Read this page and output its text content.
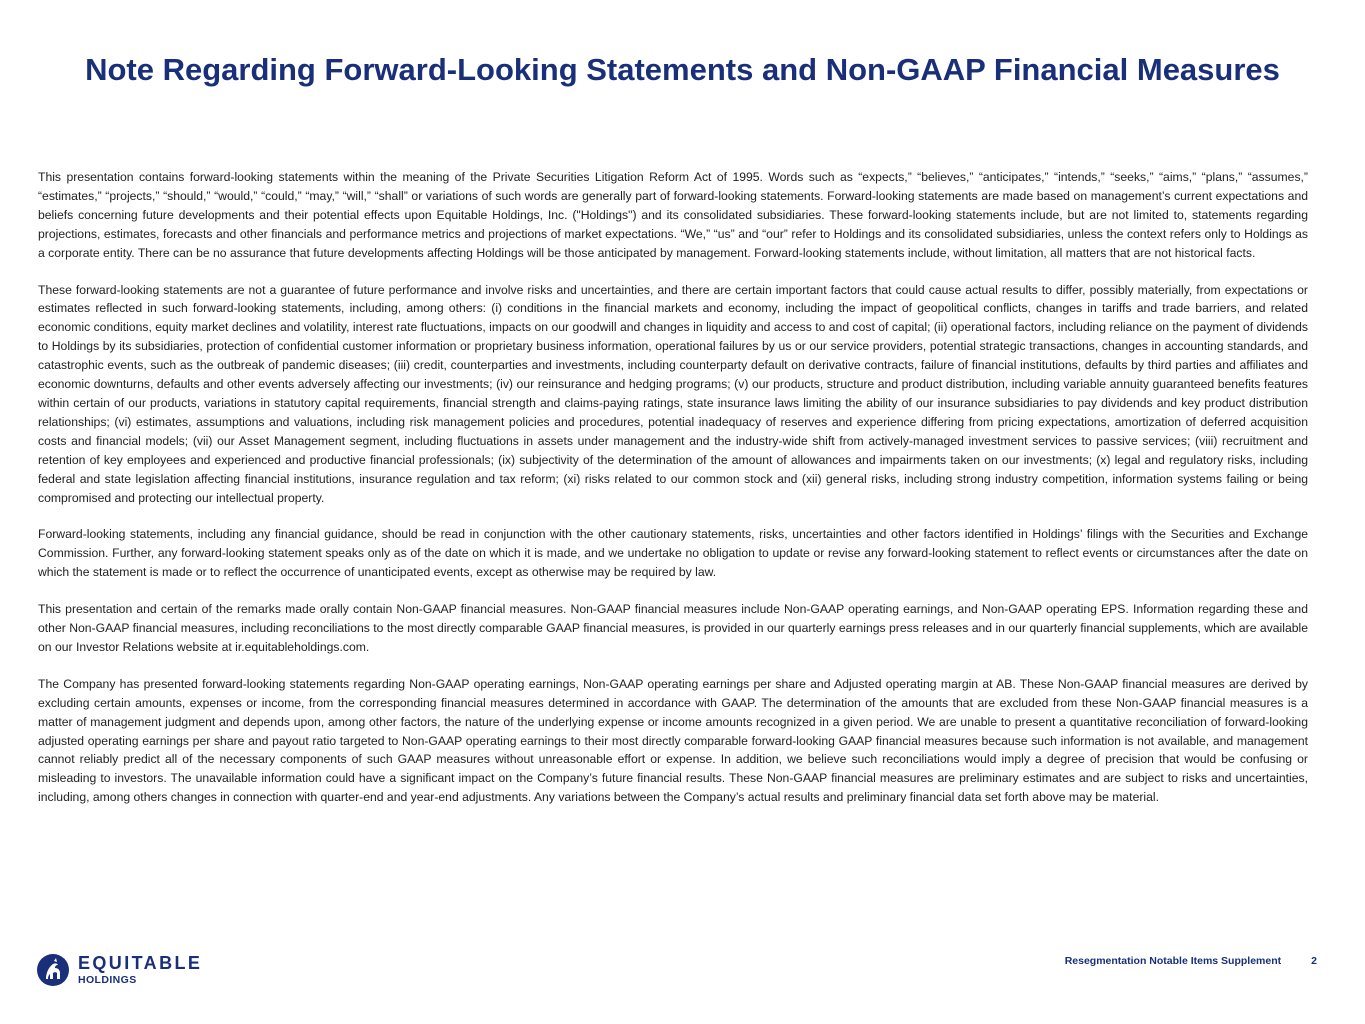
Note Regarding Forward-Looking Statements and Non-GAAP Financial Measures

This presentation contains forward-looking statements within the meaning of the Private Securities Litigation Reform Act of 1995. Words such as “expects,” “believes,” “anticipates,” “intends,” “seeks,” “aims,” “plans,” “assumes,” “estimates,” “projects,” “should,” “would,” “could,” “may,” “will,” “shall” or variations of such words are generally part of forward-looking statements. Forward-looking statements are made based on management’s current expectations and beliefs concerning future developments and their potential effects upon Equitable Holdings, Inc. ("Holdings") and its consolidated subsidiaries. These forward-looking statements include, but are not limited to, statements regarding projections, estimates, forecasts and other financials and performance metrics and projections of market expectations. “We,” “us” and “our” refer to Holdings and its consolidated subsidiaries, unless the context refers only to Holdings as a corporate entity. There can be no assurance that future developments affecting Holdings will be those anticipated by management. Forward-looking statements include, without limitation, all matters that are not historical facts.

These forward-looking statements are not a guarantee of future performance and involve risks and uncertainties, and there are certain important factors that could cause actual results to differ, possibly materially, from expectations or estimates reflected in such forward-looking statements, including, among others: (i) conditions in the financial markets and economy, including the impact of geopolitical conflicts, changes in tariffs and trade barriers, and related economic conditions, equity market declines and volatility, interest rate fluctuations, impacts on our goodwill and changes in liquidity and access to and cost of capital; (ii) operational factors, including reliance on the payment of dividends to Holdings by its subsidiaries, protection of confidential customer information or proprietary business information, operational failures by us or our service providers, potential strategic transactions, changes in accounting standards, and catastrophic events, such as the outbreak of pandemic diseases; (iii) credit, counterparties and investments, including counterparty default on derivative contracts, failure of financial institutions, defaults by third parties and affiliates and economic downturns, defaults and other events adversely affecting our investments; (iv) our reinsurance and hedging programs; (v) our products, structure and product distribution, including variable annuity guaranteed benefits features within certain of our products, variations in statutory capital requirements, financial strength and claims-paying ratings, state insurance laws limiting the ability of our insurance subsidiaries to pay dividends and key product distribution relationships; (vi) estimates, assumptions and valuations, including risk management policies and procedures, potential inadequacy of reserves and experience differing from pricing expectations, amortization of deferred acquisition costs and financial models; (vii) our Asset Management segment, including fluctuations in assets under management and the industry-wide shift from actively-managed investment services to passive services; (viii) recruitment and retention of key employees and experienced and productive financial professionals; (ix) subjectivity of the determination of the amount of allowances and impairments taken on our investments; (x) legal and regulatory risks, including federal and state legislation affecting financial institutions, insurance regulation and tax reform; (xi) risks related to our common stock and (xii) general risks, including strong industry competition, information systems failing or being compromised and protecting our intellectual property.

Forward-looking statements, including any financial guidance, should be read in conjunction with the other cautionary statements, risks, uncertainties and other factors identified in Holdings’ filings with the Securities and Exchange Commission. Further, any forward-looking statement speaks only as of the date on which it is made, and we undertake no obligation to update or revise any forward-looking statement to reflect events or circumstances after the date on which the statement is made or to reflect the occurrence of unanticipated events, except as otherwise may be required by law.

This presentation and certain of the remarks made orally contain Non-GAAP financial measures. Non-GAAP financial measures include Non-GAAP operating earnings, and Non-GAAP operating EPS. Information regarding these and other Non-GAAP financial measures, including reconciliations to the most directly comparable GAAP financial measures, is provided in our quarterly earnings press releases and in our quarterly financial supplements, which are available on our Investor Relations website at ir.equitableholdings.com.

The Company has presented forward-looking statements regarding Non-GAAP operating earnings, Non-GAAP operating earnings per share and Adjusted operating margin at AB. These Non-GAAP financial measures are derived by excluding certain amounts, expenses or income, from the corresponding financial measures determined in accordance with GAAP. The determination of the amounts that are excluded from these Non-GAAP financial measures is a matter of management judgment and depends upon, among other factors, the nature of the underlying expense or income amounts recognized in a given period. We are unable to present a quantitative reconciliation of forward-looking adjusted operating earnings per share and payout ratio targeted to Non-GAAP operating earnings to their most directly comparable forward-looking GAAP financial measures because such information is not available, and management cannot reliably predict all of the necessary components of such GAAP measures without unreasonable effort or expense. In addition, we believe such reconciliations would imply a degree of precision that would be confusing or misleading to investors. The unavailable information could have a significant impact on the Company’s future financial results. These Non-GAAP financial measures are preliminary estimates and are subject to risks and uncertainties, including, among others changes in connection with quarter-end and year-end adjustments. Any variations between the Company’s actual results and preliminary financial data set forth above may be material.

EQUITABLE
HOLDINGS
Resegmentation Notable Items Supplement	2
